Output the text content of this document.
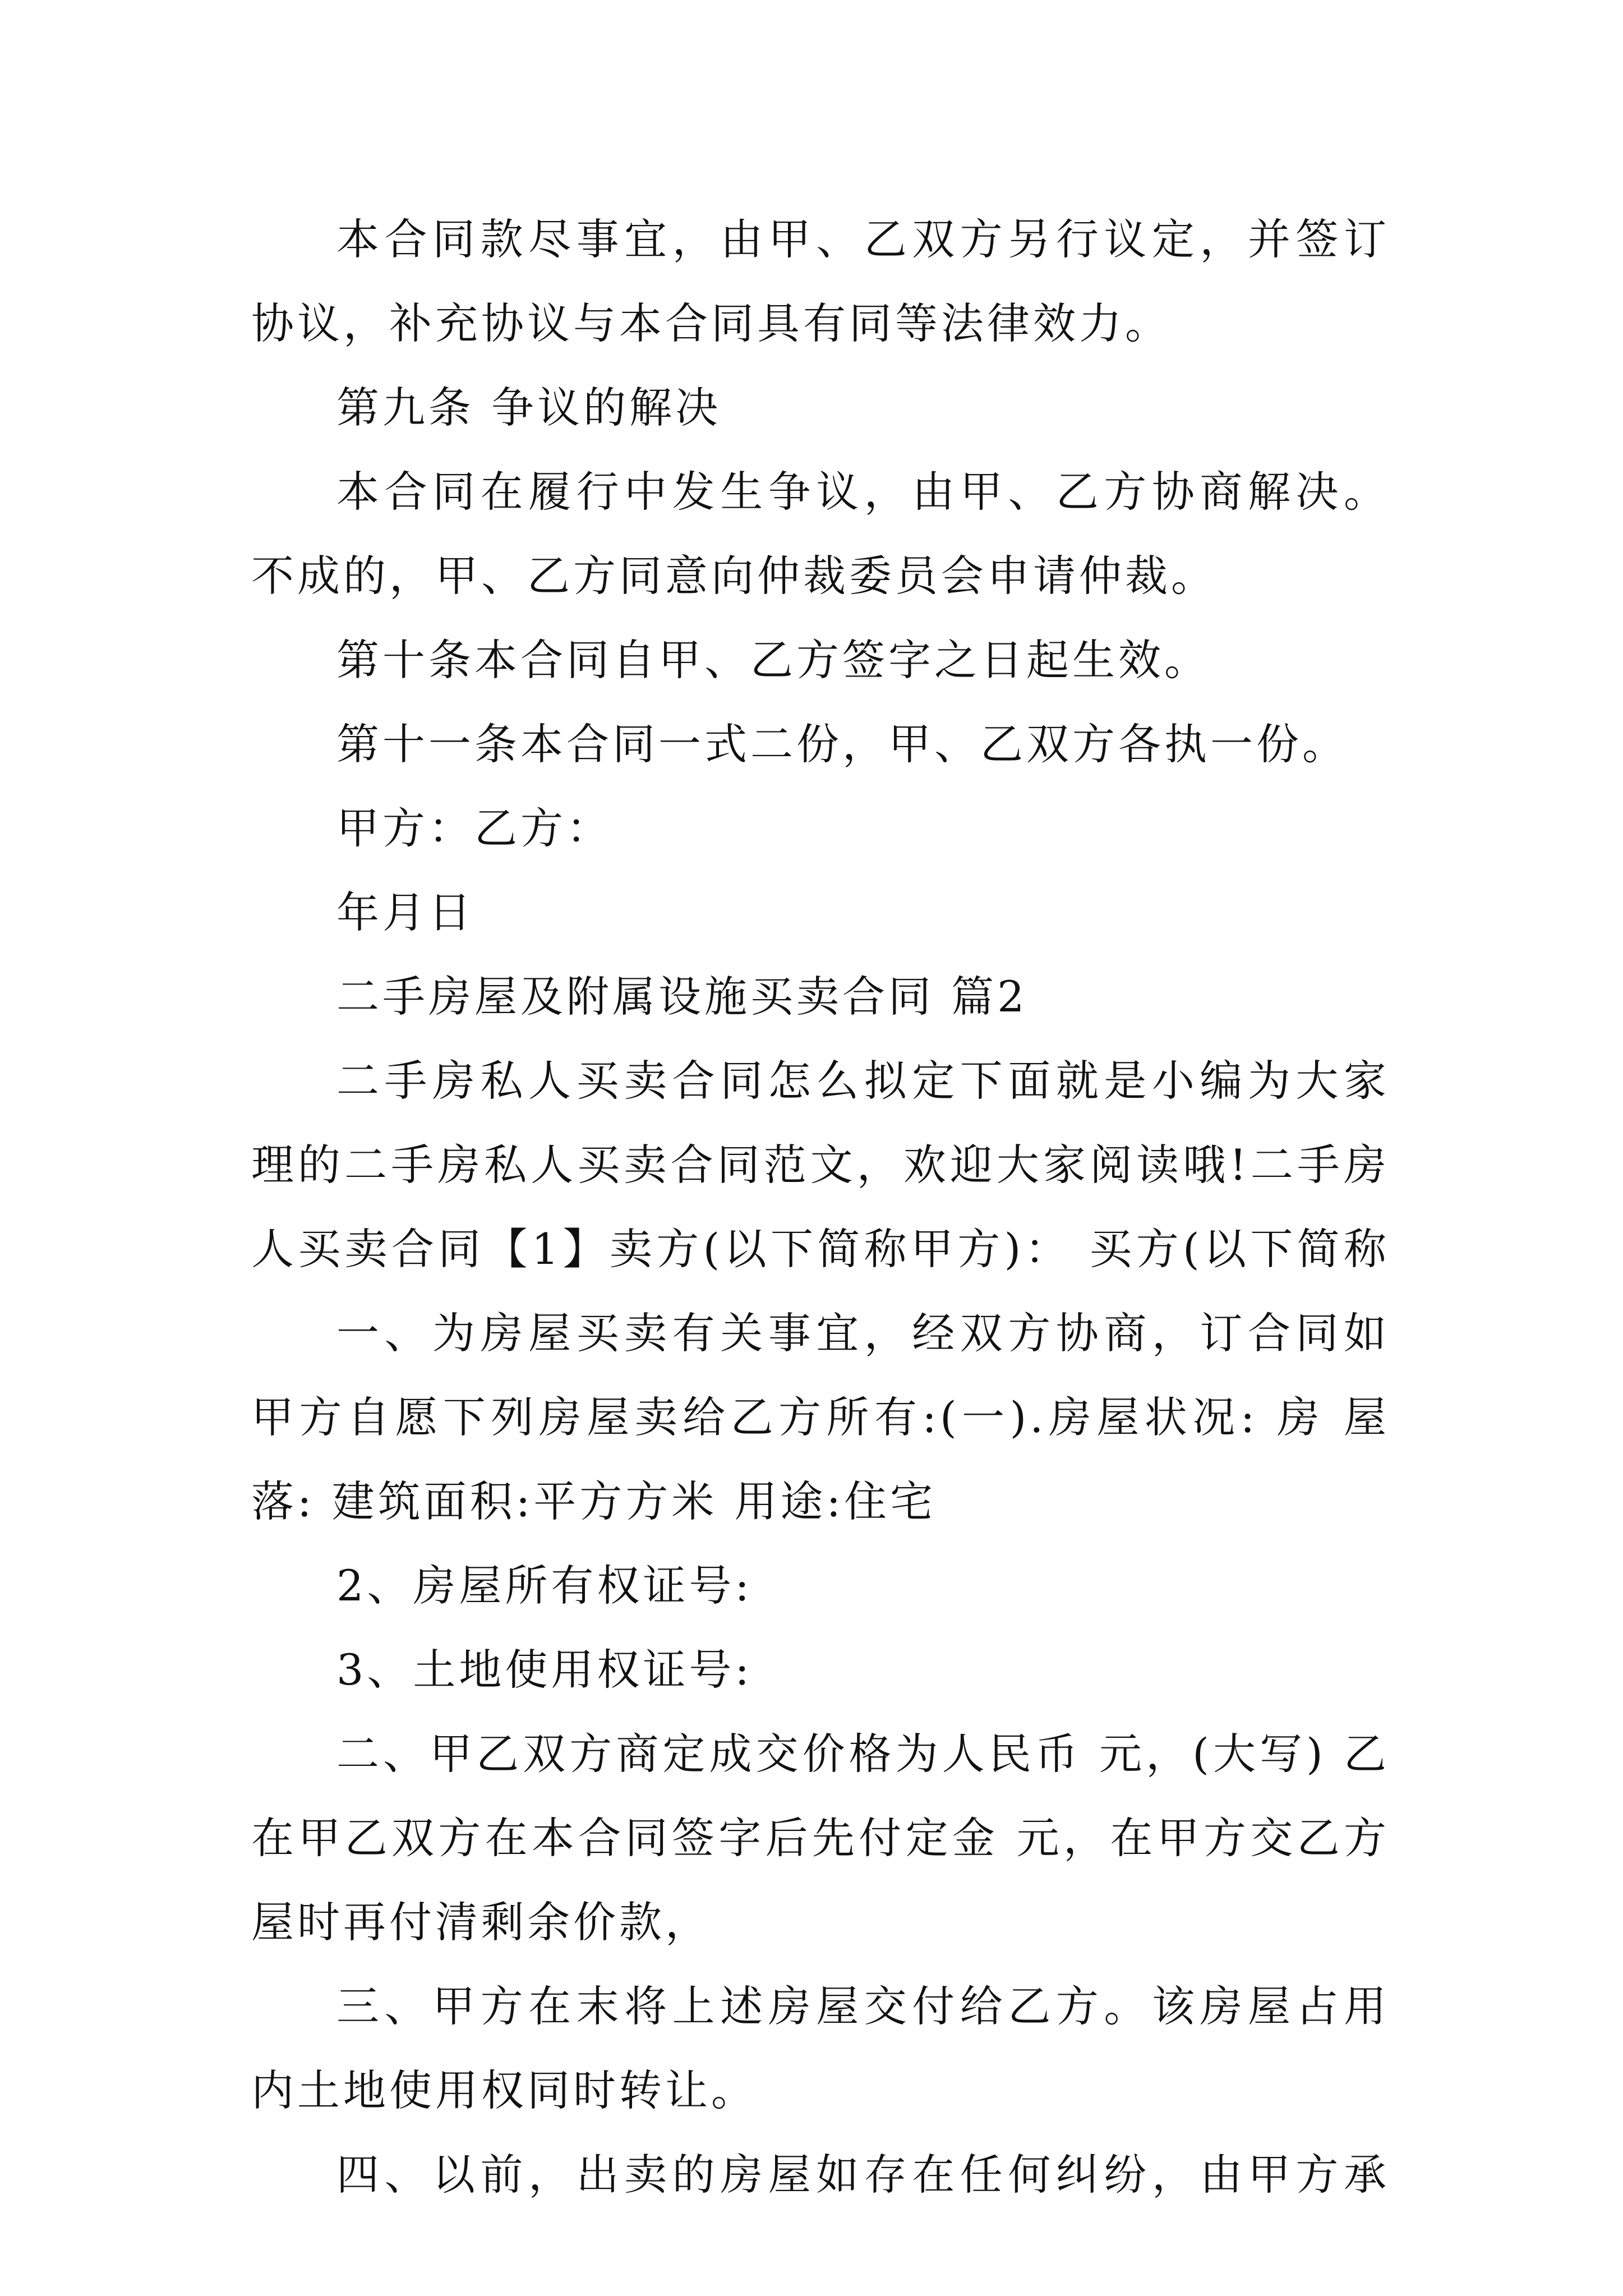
本合同款尽事宜，由甲、乙双方另行议定，并签订
协议，补充协议与本合同具有同等法律效力。
第九条 争议的解决
本合同在履行中发生争议，由甲、乙方协商解决。
不成的，甲、乙方同意向仲裁委员会申请仲裁。
第十条本合同自甲、乙方签字之日起生效。
第十一条本合同一式二份，甲、乙双方各执一份。
甲方：乙方：
年月日
二手房屋及附属设施买卖合同 篇2
二手房私人买卖合同怎么拟定下面就是小编为大家
理的二手房私人买卖合同范文，欢迎大家阅读哦!二手房
人买卖合同【1】卖方(以下简称甲方)： 买方(以下简称
一、为房屋买卖有关事宜，经双方协商，订合同如
甲方自愿下列房屋卖给乙方所有:(一).房屋状况: 房 屋
落: 建筑面积:平方方米 用途:住宅
2、房屋所有权证号:
3、土地使用权证号:
二、甲乙双方商定成交价格为人民币 元，(大写) 乙
在甲乙双方在本合同签字后先付定金 元，在甲方交乙方
屋时再付清剩余价款，
三、甲方在末将上述房屋交付给乙方。该房屋占用
内土地使用权同时转让。
四、以前，出卖的房屋如存在任何纠纷，由甲方承
